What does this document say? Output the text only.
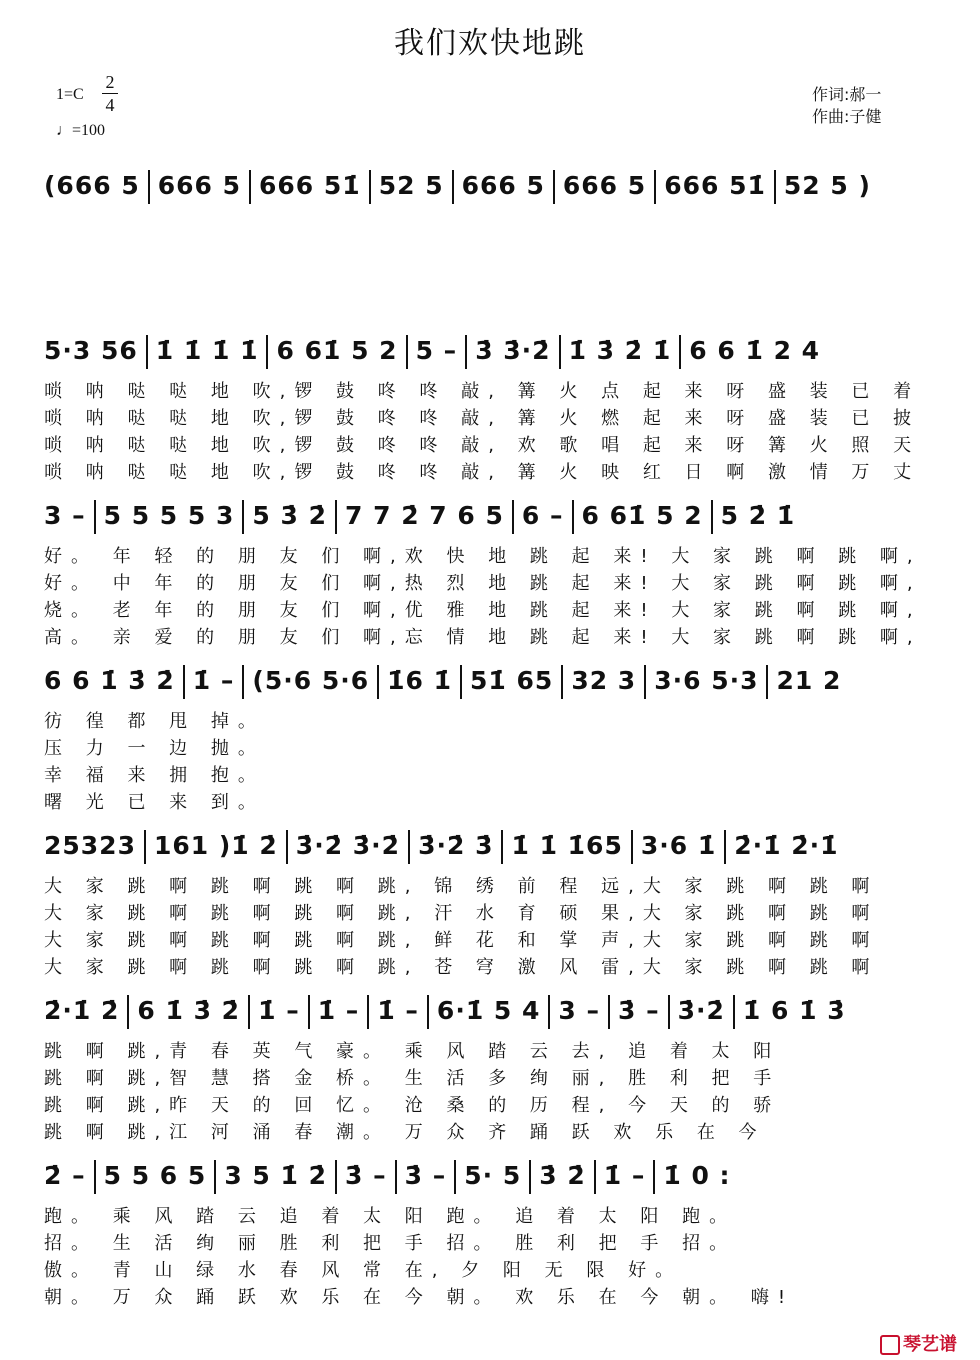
我们欢快地跳
1=C
2
4
♩=100
作词:郝一
作曲:子健
(666 5 666 5 666 51̇ 52 5 666 5 666 5 666 51̇ 52 5 )
5·3 56 1̇ 1̇ 1̇ 1̇ 6 61̇ 5 2 5 – 3̇ 3̇·2̇ 1̇ 3̇ 2̇ 1̇ 6 6 1̇ 2 4
唢 呐 哒 哒 地 吹,锣 鼓 咚 咚 敲, 篝 火 点 起 来 呀 盛 装 已 着
唢 呐 哒 哒 地 吹,锣 鼓 咚 咚 敲, 篝 火 燃 起 来 呀 盛 装 已 披
唢 呐 哒 哒 地 吹,锣 鼓 咚 咚 敲, 欢 歌 唱 起 来 呀 篝 火 照 天
唢 呐 哒 哒 地 吹,锣 鼓 咚 咚 敲, 篝 火 映 红 日 啊 激 情 万 丈
3 – 5 5 5 5 3 5 3̇ 2̇ 7 7 2̇ 7 6 5 6 – 6 61̇ 5 2 5 2̇ 1̇
好。 年 轻 的 朋 友 们 啊,欢 快 地 跳 起 来! 大 家 跳 啊 跳 啊,
好。 中 年 的 朋 友 们 啊,热 烈 地 跳 起 来! 大 家 跳 啊 跳 啊,
烧。 老 年 的 朋 友 们 啊,优 雅 地 跳 起 来! 大 家 跳 啊 跳 啊,
高。 亲 爱 的 朋 友 们 啊,忘 情 地 跳 起 来! 大 家 跳 啊 跳 啊,
6 6 1̇ 3̇ 2̇ 1̇ – (5·6 5·6 1̇6 1̇ 51̇ 65 32 3 3·6 5·3 21 2
彷 徨 都 甩 掉。
压 力 一 边 抛。
幸 福 来 拥 抱。
曙 光 已 来 到。
25323 161 )1̇ 2̇ 3̇·2̇ 3̇·2̇ 3̇·2̇ 3̇ 1̇ 1̇ 1̇65 3·6 1̇ 2̇·1̇ 2̇·1̇
大 家 跳 啊 跳 啊 跳 啊 跳, 锦 绣 前 程 远,大 家 跳 啊 跳 啊
大 家 跳 啊 跳 啊 跳 啊 跳, 汗 水 育 硕 果,大 家 跳 啊 跳 啊
大 家 跳 啊 跳 啊 跳 啊 跳, 鲜 花 和 掌 声,大 家 跳 啊 跳 啊
大 家 跳 啊 跳 啊 跳 啊 跳, 苍 穹 激 风 雷,大 家 跳 啊 跳 啊
2̇·1̇ 2̇ 6 1̇ 3̇ 2̇ 1̇ – 1̇ – 1̇ – 6·1̇ 5 4 3 – 3̇ – 3̇·2̇ 1̇ 6 1̇ 3̇
跳 啊 跳,青 春 英 气 豪。 乘 风 踏 云 去, 追 着 太 阳
跳 啊 跳,智 慧 搭 金 桥。 生 活 多 绚 丽, 胜 利 把 手
跳 啊 跳,昨 天 的 回 忆。 沧 桑 的 历 程, 今 天 的 骄
跳 啊 跳,江 河 涌 春 潮。 万 众 齐 踊 跃 欢 乐 在 今
2̇ – 5 5 6 5 3 5 1̇ 2̇ 3̇ – 3̇ – 5· 5 3̇ 2̇ 1̇ – 1̇ 0 :
跑。 乘 风 踏 云 追 着 太 阳 跑。 追 着 太 阳 跑。
招。 生 活 绚 丽 胜 利 把 手 招。 胜 利 把 手 招。
傲。 青 山 绿 水 春 风 常 在, 夕 阳 无 限 好。
朝。 万 众 踊 跃 欢 乐 在 今 朝。 欢 乐 在 今 朝。 嗨!
琴艺谱
